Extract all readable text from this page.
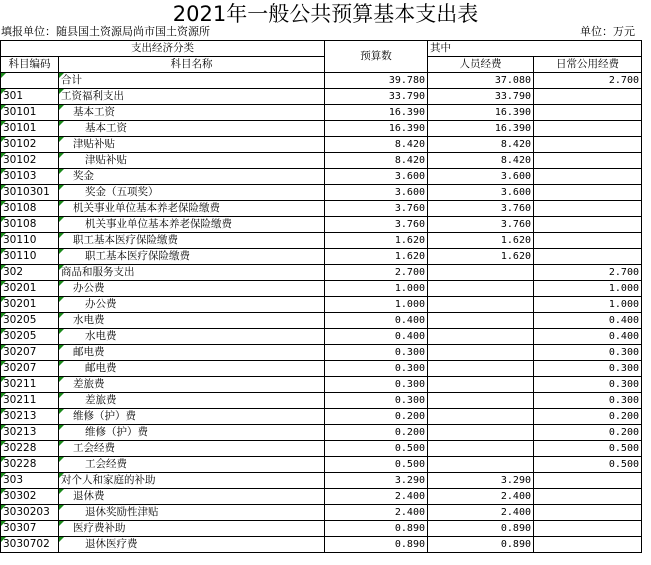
2021年一般公共预算基本支出表
填报单位：随县国土资源局尚市国土资源所	单位：万元
支出经济分类		预算数	其中	
科目编码	科目名称		人员经费	日常公用经费
	合计	39.780	37.080	2.700
301	工资福利支出	33.790	33.790	
30101	基本工资	16.390	16.390	
30101	基本工资	16.390	16.390	
30102	津贴补贴	8.420	8.420	
30102	津贴补贴	8.420	8.420	
30103	奖金	3.600	3.600	
3010301	奖金（五项奖）	3.600	3.600	
30108	机关事业单位基本养老保险缴费	3.760	3.760	
30108	机关事业单位基本养老保险缴费	3.760	3.760	
30110	职工基本医疗保险缴费	1.620	1.620	
30110	职工基本医疗保险缴费	1.620	1.620	
302	商品和服务支出	2.700		2.700
30201	办公费	1.000		1.000
30201	办公费	1.000		1.000
30205	水电费	0.400		0.400
30205	水电费	0.400		0.400
30207	邮电费	0.300		0.300
30207	邮电费	0.300		0.300
30211	差旅费	0.300		0.300
30211	差旅费	0.300		0.300
30213	维修（护）费	0.200		0.200
30213	维修（护）费	0.200		0.200
30228	工会经费	0.500		0.500
30228	工会经费	0.500		0.500
303	对个人和家庭的补助	3.290	3.290	
30302	退休费	2.400	2.400	
3030203	退休奖励性津贴	2.400	2.400	
30307	医疗费补助	0.890	0.890	
3030702	退休医疗费	0.890	0.890	
